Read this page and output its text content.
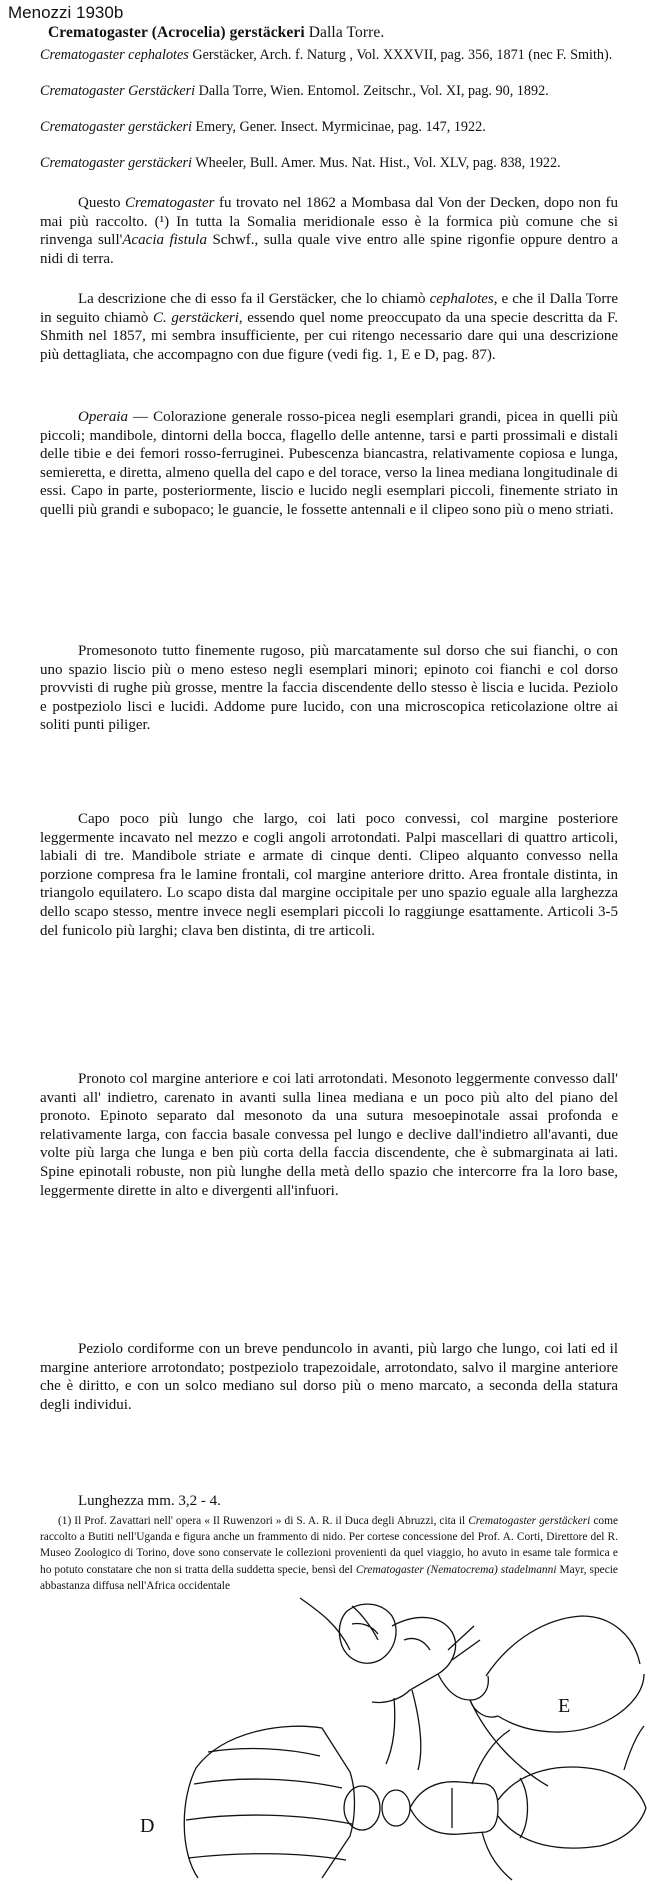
Menozzi 1930b
Crematogaster (Acrocelia) gerstäckeri Dalla Torre.
Crematogaster cephalotes Gerstäcker, Arch. f. Naturg , Vol. XXXVII, pag. 356, 1871 (nec F. Smith).
Crematogaster Gerstäckeri Dalla Torre, Wien. Entomol. Zeitschr., Vol. XI, pag. 90, 1892.
Crematogaster gerstäckeri Emery, Gener. Insect. Myrmicinae, pag. 147, 1922.
Crematogaster gerstäckeri Wheeler, Bull. Amer. Mus. Nat. Hist., Vol. XLV, pag. 838, 1922.
Questo Crematogaster fu trovato nel 1862 a Mombasa dal Von der Decken, dopo non fu mai più raccolto. (¹) In tutta la Somalia meridionale esso è la formica più comune che si rinvenga sull'Acacia fistula Schwf., sulla quale vive entro alle spine rigonfie oppure dentro a nidi di terra.
La descrizione che di esso fa il Gerstäcker, che lo chiamò cephalotes, e che il Dalla Torre in seguito chiamò C. gerstäckeri, essendo quel nome preoccupato da una specie descritta da F. Shmith nel 1857, mi sembra insufficiente, per cui ritengo necessario dare qui una descrizione più dettagliata, che accompagno con due figure (vedi fig. 1, E e D, pag. 87).
Operaia — Colorazione generale rosso-picea negli esemplari grandi, picea in quelli più piccoli; mandibole, dintorni della bocca, flagello delle antenne, tarsi e parti prossimali e distali delle tibie e dei femori rosso-ferruginei. Pubescenza biancastra, relativamente copiosa e lunga, semieretta, e diretta, almeno quella del capo e del torace, verso la linea mediana longitudinale di essi. Capo in parte, posteriormente, liscio e lucido negli esemplari piccoli, finemente striato in quelli più grandi e subopaco; le guancie, le fossette antennali e il clipeo sono più o meno striati.
Promesonoto tutto finemente rugoso, più marcatamente sul dorso che sui fianchi, o con uno spazio liscio più o meno esteso negli esemplari minori; epinoto coi fianchi e col dorso provvisti di rughe più grosse, mentre la faccia discendente dello stesso è liscia e lucida. Peziolo e postpeziolo lisci e lucidi. Addome pure lucido, con una microscopica reticolazione oltre ai soliti punti piliger.
Capo poco più lungo che largo, coi lati poco convessi, col margine posteriore leggermente incavato nel mezzo e cogli angoli arrotondati. Palpi mascellari di quattro articoli, labiali di tre. Mandibole striate e armate di cinque denti. Clipeo alquanto convesso nella porzione compresa fra le lamine frontali, col margine anteriore dritto. Area frontale distinta, in triangolo equilatero. Lo scapo dista dal margine occipitale per uno spazio eguale alla larghezza dello scapo stesso, mentre invece negli esemplari piccoli lo raggiunge esattamente. Articoli 3-5 del funicolo più larghi; clava ben distinta, di tre articoli.
Pronoto col margine anteriore e coi lati arrotondati. Mesonoto leggermente convesso dall' avanti all' indietro, carenato in avanti sulla linea mediana e un poco più alto del piano del pronoto. Epinoto separato dal mesonoto da una sutura mesoepinotale assai profonda e relativamente larga, con faccia basale convessa pel lungo e declive dall'indietro all'avanti, due volte più larga che lunga e ben più corta della faccia discendente, che è submarginata ai lati. Spine epinotali robuste, non più lunghe della metà dello spazio che intercorre fra la loro base, leggermente dirette in alto e divergenti all'infuori.
Peziolo cordiforme con un breve penduncolo in avanti, più largo che lungo, coi lati ed il margine anteriore arrotondato; postpeziolo trapezoidale, arrotondato, salvo il margine anteriore che è diritto, e con un solco mediano sul dorso più o meno marcato, a seconda della statura degli individui.
Lunghezza mm. 3,2 - 4.
(1) Il Prof. Zavattari nell' opera « Il Ruwenzori » di S. A. R. il Duca degli Abruzzi, cita il Crematogaster gerstäckeri come raccolto a Butiti nell'Uganda e figura anche un frammento di nido. Per cortese concessione del Prof. A. Corti, Direttore del R. Museo Zoologico di Torino, dove sono conservate le collezioni provenienti da quel viaggio, ho avuto in esame tale formica e ho potuto constatare che non si tratta della suddetta specie, bensì del Crematogaster (Nematocrema) stadelmanni Mayr, specie abbastanza diffusa nell'Africa occidentale
E
D
